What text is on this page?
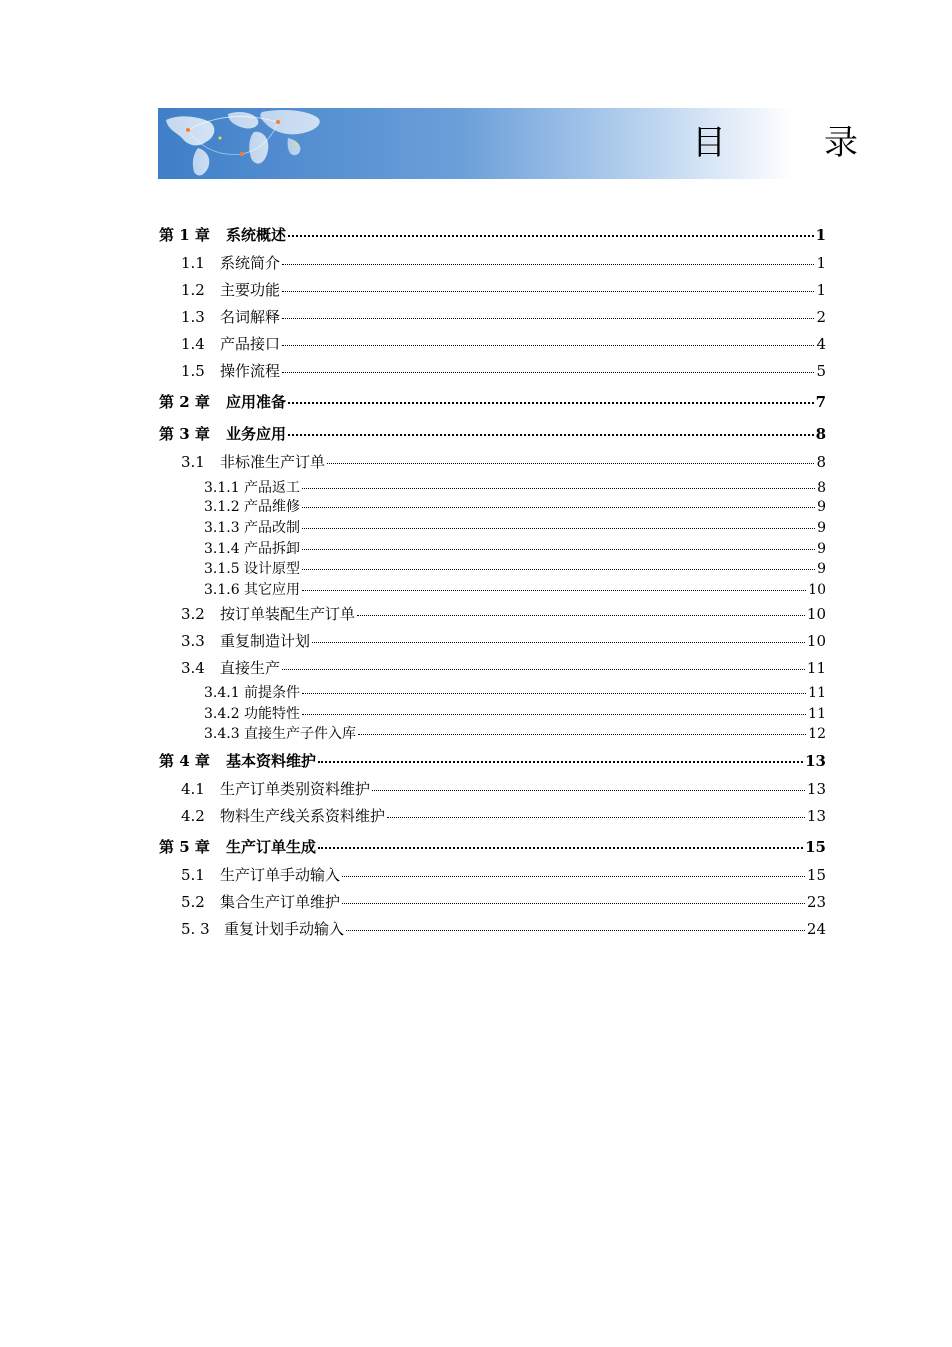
目　录
第 1 章	系统概述	1
1.1	系统简介	1
1.2	主要功能	1
1.3	名词解释	2
1.4	产品接口	4
1.5	操作流程	5
第 2 章	应用准备	7
第 3 章	业务应用	8
3.1	非标准生产订单	8
3.1.1 产品返工	8
3.1.2 产品维修	9
3.1.3 产品改制	9
3.1.4 产品拆卸	9
3.1.5 设计原型	9
3.1.6 其它应用	10
3.2	按订单装配生产订单	10
3.3	重复制造计划	10
3.4	直接生产	11
3.4.1 前提条件	11
3.4.2 功能特性	11
3.4.3 直接生产子件入库	12
第 4 章	基本资料维护	13
4.1	生产订单类别资料维护	13
4.2	物料生产线关系资料维护	13
第 5 章	生产订单生成	15
5.1	生产订单手动输入	15
5.2	集合生产订单维护	23
5. 3 重复计划手动输入	24
